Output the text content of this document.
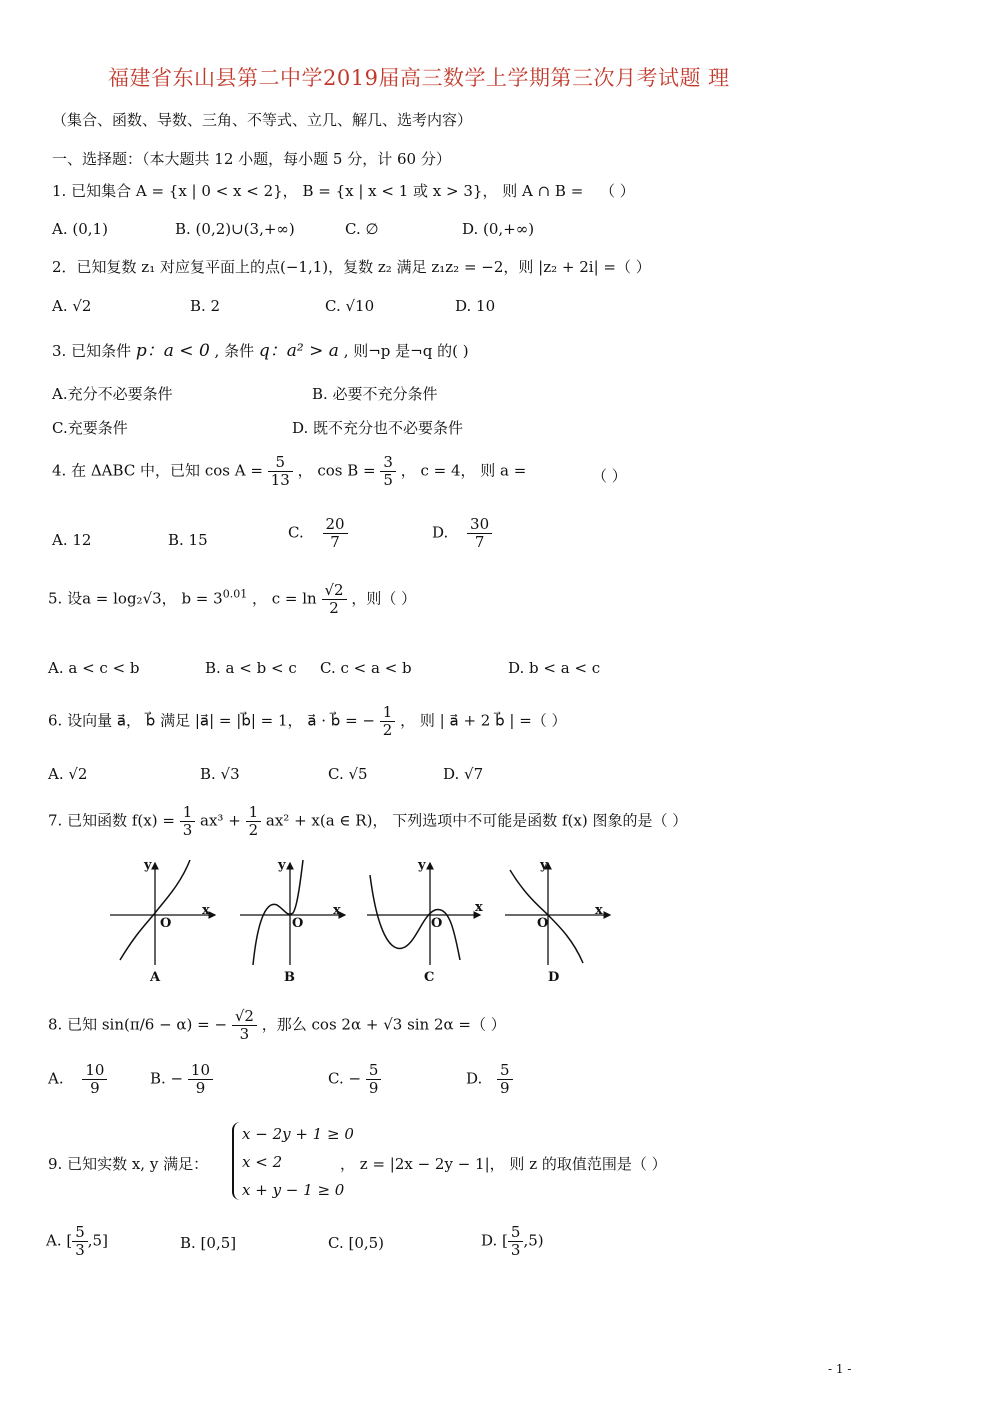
福建省东山县第二中学2019届高三数学上学期第三次月考试题 理
（集合、函数、导数、三角、不等式、立几、解几、选考内容）
一、选择题：（本大题共 12 小题，每小题 5 分，计 60 分）
1. 已知集合 A = {x | 0 < x < 2}， B = {x | x < 1 或 x > 3}， 则 A ∩ B = （ ）
A. (0,1)	B. (0,2)∪(3,+∞)	C. ∅	D. (0,+∞)
2．已知复数 z₁ 对应复平面上的点(−1,1)，复数 z₂ 满足 z₁z₂ = −2，则 |z₂ + 2i| =（ ）
A. √2	B. 2	C. √10	D. 10
3. 已知条件 p：a < 0 , 条件 q：a² > a , 则¬p 是¬q 的( )
A.充分不必要条件	B. 必要不充分条件
C.充要条件	D. 既不充分也不必要条件
4. 在 ΔABC 中，已知 $\cos A = \frac{5}{13}$ ， $\cos B = \frac{3}{5}$ ， c = 4， 则 a =	（ ）
A. 12	B. 15	C. $\frac{20}{7}$	D. $\frac{30}{7}$
5. 设a = log₂√3， $b = 3^{0.01}$ ， $c = \ln \frac{√2}{2}$ ，则（ ）
A. a < c < b	B. a < b < c C. c < a < b	D. b < a < c
6. 设向量 a⃗， b⃗ 满足 |a⃗| = |b⃗| = 1， a⃗ · b⃗ = − $\frac{1}{2}$ ， 则 | a⃗ + 2 b⃗ | =（ ）
A. √2	B. √3	C. √5	D. √7
7. 已知函数 $f(x) = \frac{1}{3} ax^3 + \frac{1}{2} ax^2 + x(a$ ∈ R)， 下列选项中不可能是函数 f(x) 图象的是（ ）
y
x
O
y
x
O
y
x
O
y
x
O
A	B	C	D
8. 已知 sin(π/6 − α) = − $\frac{√2}{3}$ ，那么 cos 2α + √3 sin 2α =（ ）
A. $\frac{10}{9}$	B. − $\frac{10}{9}$	C. − $\frac{5}{9}$	D. $\frac{5}{9}$
9. 已知实数 x, y 满足：
x − 2y + 1 ≥ 0
x < 2
x + y − 1 ≥ 0
， z = |2x − 2y − 1|， 则 z 的取值范围是（ ）
A. [ $\frac{5}{3} ,5$]	B. [0,5]	C. [0,5)	D. [ $\frac{5}{3} ,5$)
- 1 -
